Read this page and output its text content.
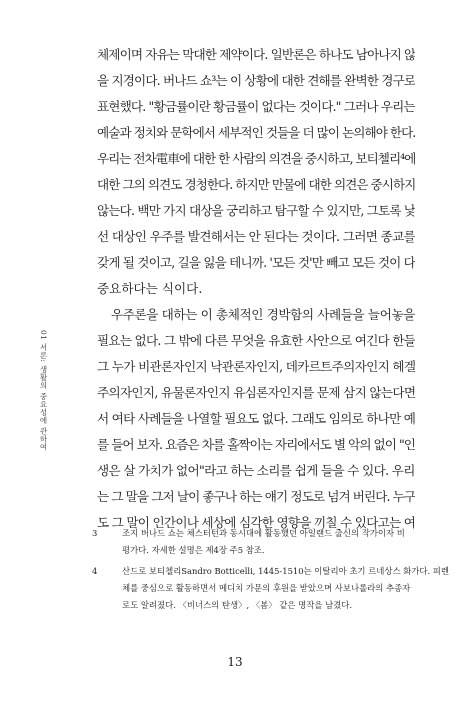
01 서론: 생활의 중요성에 관하여
체제이며 자유는 막대한 제약이다. 일반론은 하나도 남아나지 않
을 지경이다. 버나드 쇼³는 이 상황에 대한 견해를 완벽한 경구로
표현했다. "황금률이란 황금률이 없다는 것이다." 그러나 우리는
예술과 정치와 문학에서 세부적인 것들을 더 많이 논의해야 한다.
우리는 전차電車에 대한 한 사람의 의견을 중시하고, 보티첼리⁴에
대한 그의 의견도 경청한다. 하지만 만물에 대한 의견은 중시하지
않는다. 백만 가지 대상을 궁리하고 탐구할 수 있지만, 그토록 낯
선 대상인 우주를 발견해서는 안 된다는 것이다. 그러면 종교를
갖게 될 것이고, 길을 잃을 테니까. '모든 것'만 빼고 모든 것이 다
중요하다는 식이다.
우주론을 대하는 이 총체적인 경박함의 사례들을 늘어놓을
필요는 없다. 그 밖에 다른 무엇을 유효한 사안으로 여긴다 한들
그 누가 비관론자인지 낙관론자인지, 데카르트주의자인지 헤겔
주의자인지, 유물론자인지 유심론자인지를 문제 삼지 않는다면
서 여타 사례들을 나열할 필요도 없다. 그래도 임의로 하나만 예
를 들어 보자. 요즘은 차를 홀짝이는 자리에서도 별 악의 없이 "인
생은 살 가치가 없어"라고 하는 소리를 쉽게 들을 수 있다. 우리
는 그 말을 그저 날이 좋구나 하는 얘기 정도로 넘겨 버린다. 누구
도 그 말이 인간이나 세상에 심각한 영향을 끼칠 수 있다고는 여
3	조지 버나드 쇼는 체스터턴과 동시대에 활동했던 아일랜드 출신의 작가이자 비
평가다. 자세한 설명은 제4장 주5 참조.
4	산드로 보티첼리Sandro Botticelli, 1445-1510는 이탈리아 초기 르네상스 화가다. 피렌
체를 중심으로 활동하면서 메디치 가문의 후원을 받았으며 사보나롤라의 추종자
로도 알려졌다. 〈비너스의 탄생〉, 〈봄〉 같은 명작을 남겼다.
13
